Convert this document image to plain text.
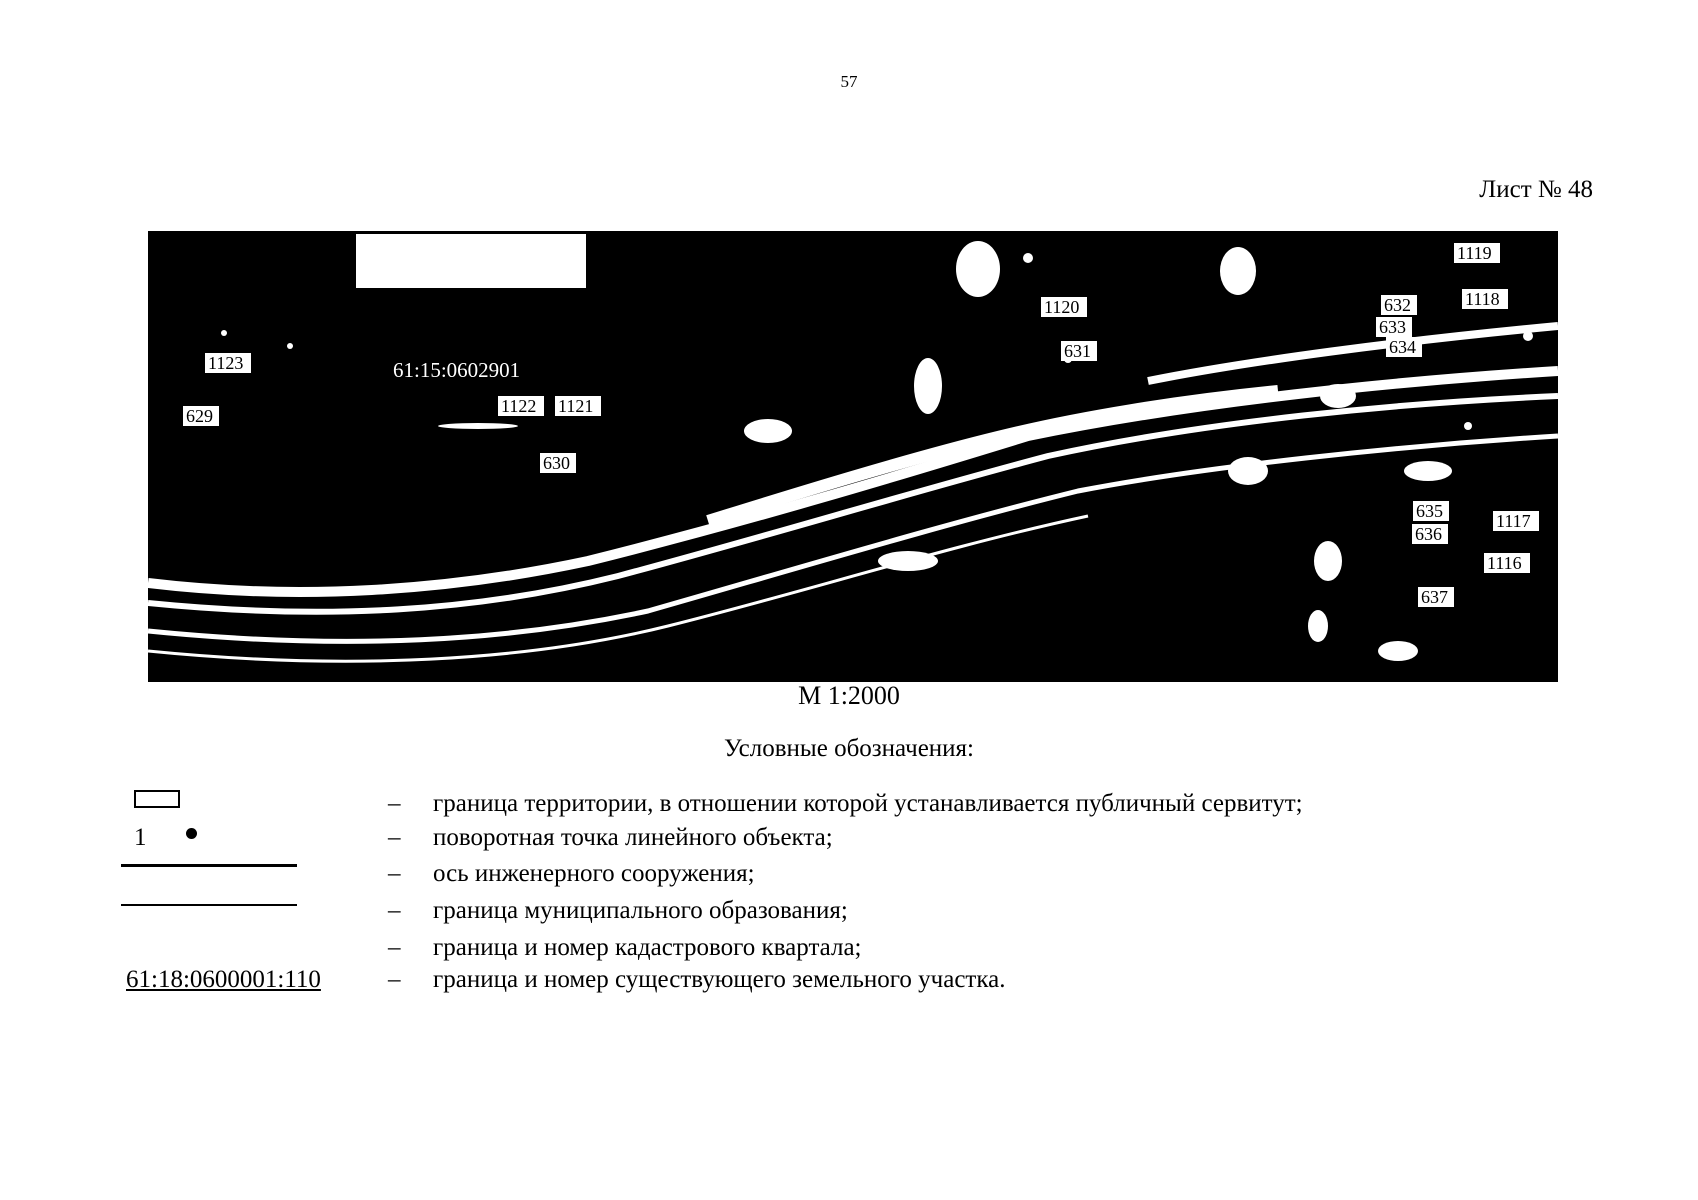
57
Лист № 48
61:15:0602901
1119
1118
1120	632
633
634
631
1123
629	1122 1121
630
635
636
1117
1116
637
М 1:2000
Условные обозначения:
1
61:18:0600001:110
– граница территории, в отношении которой устанавливается публичный сервитут;
– поворотная точка линейного объекта;
– ось инженерного сооружения;
– граница муниципального образования;
– граница и номер кадастрового квартала;
– граница и номер существующего земельного участка.
